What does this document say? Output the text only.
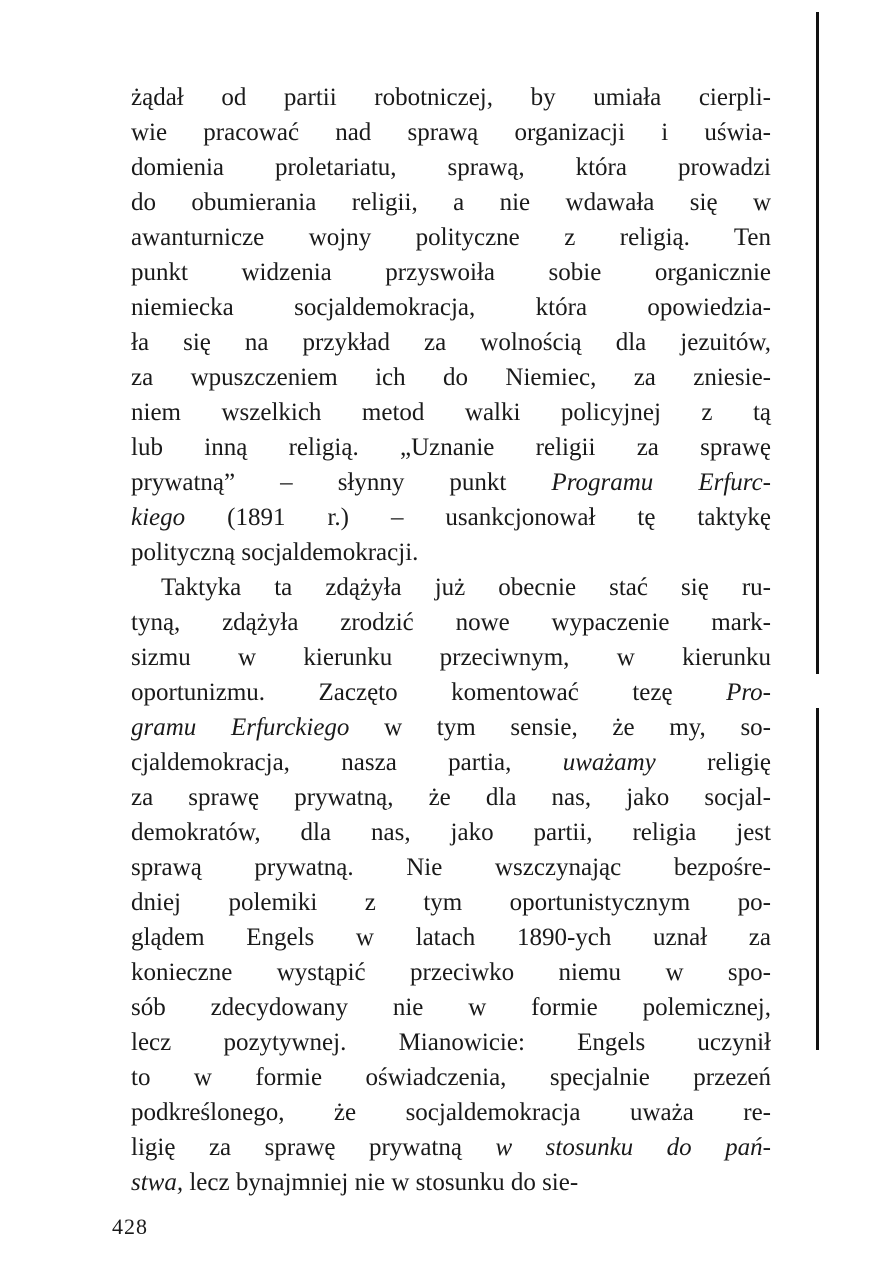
żądał od partii robotniczej, by umiała cierpli-
wie pracować nad sprawą organizacji i uświa-
domienia proletariatu, sprawą, która prowadzi
do obumierania religii, a nie wdawała się w
awanturnicze wojny polityczne z religią. Ten
punkt widzenia przyswoiła sobie organicznie
niemiecka socjaldemokracja, która opowiedzia-
ła się na przykład za wolnością dla jezuitów,
za wpuszczeniem ich do Niemiec, za zniesie-
niem wszelkich metod walki policyjnej z tą
lub inną religią. „Uznanie religii za sprawę
prywatną” – słynny punkt Programu Erfurc-
kiego (1891 r.) – usankcjonował tę taktykę
polityczną socjaldemokracji.
Taktyka ta zdążyła już obecnie stać się ru-
tyną, zdążyła zrodzić nowe wypaczenie mark-
sizmu w kierunku przeciwnym, w kierunku
oportunizmu. Zaczęto komentować tezę Pro-
gramu Erfurckiego w tym sensie, że my, so-
cjaldemokracja, nasza partia, uważamy religię
za sprawę prywatną, że dla nas, jako socjal-
demokratów, dla nas, jako partii, religia jest
sprawą prywatną. Nie wszczynając bezpośre-
dniej polemiki z tym oportunistycznym po-
glądem Engels w latach 1890-ych uznał za
konieczne wystąpić przeciwko niemu w spo-
sób zdecydowany nie w formie polemicznej,
lecz pozytywnej. Mianowicie: Engels uczynił
to w formie oświadczenia, specjalnie przezeń
podkreślonego, że socjaldemokracja uważa re-
ligię za sprawę prywatną w stosunku do pań-
stwa, lecz bynajmniej nie w stosunku do sie-
428
